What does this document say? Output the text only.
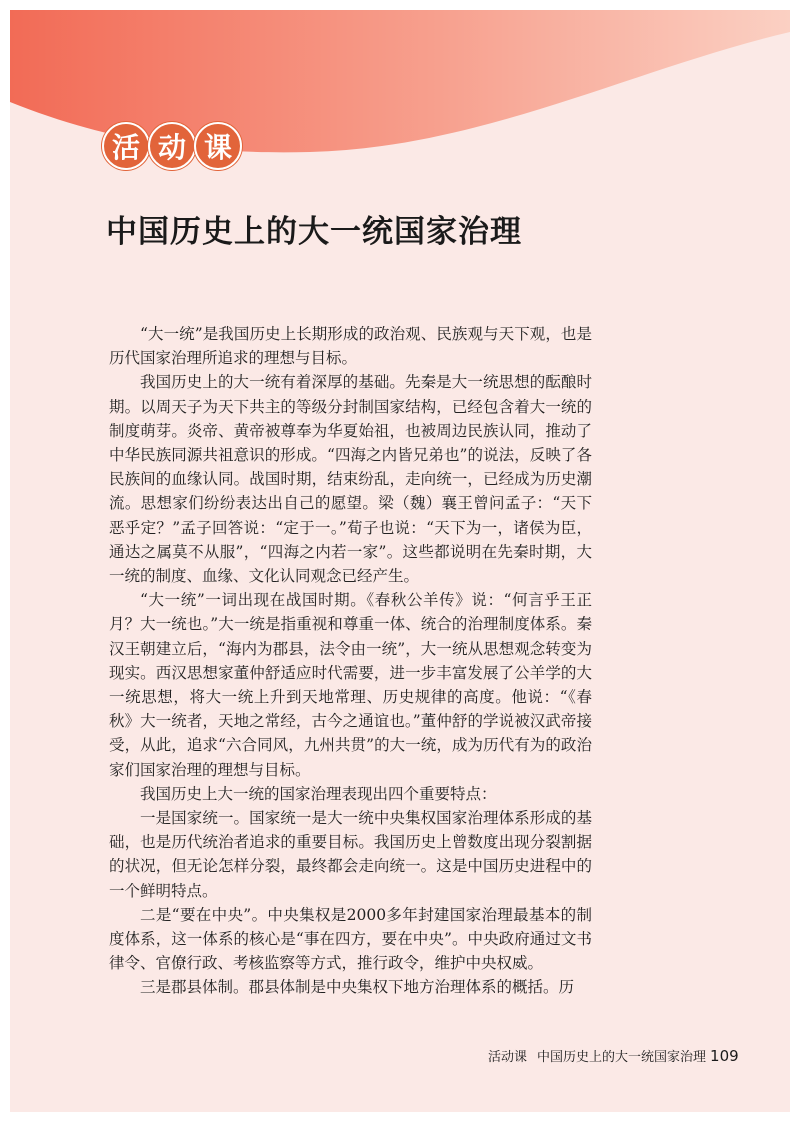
活 动 课
中国历史上的大一统国家治理

“大一统”是我国历史上长期形成的政治观、民族观与天下观，也是历代国家治理所追求的理想与目标。

我国历史上的大一统有着深厚的基础。先秦是大一统思想的酝酿时期。以周天子为天下共主的等级分封制国家结构，已经包含着大一统的制度萌芽。炎帝、黄帝被尊奉为华夏始祖，也被周边民族认同，推动了中华民族同源共祖意识的形成。“四海之内皆兄弟也”的说法，反映了各民族间的血缘认同。战国时期，结束纷乱，走向统一，已经成为历史潮流。思想家们纷纷表达出自己的愿望。梁（魏）襄王曾问孟子：“天下恶乎定？”孟子回答说：“定于一。”荀子也说：“天下为一，诸侯为臣，通达之属莫不从服”，“四海之内若一家”。这些都说明在先秦时期，大一统的制度、血缘、文化认同观念已经产生。

“大一统”一词出现在战国时期。《春秋公羊传》说：“何言乎王正月？大一统也。”大一统是指重视和尊重一体、统合的治理制度体系。秦汉王朝建立后，“海内为郡县，法令由一统”，大一统从思想观念转变为现实。西汉思想家董仲舒适应时代需要，进一步丰富发展了公羊学的大一统思想，将大一统上升到天地常理、历史规律的高度。他说：“《春秋》大一统者，天地之常经，古今之通谊也。”董仲舒的学说被汉武帝接受，从此，追求“六合同风，九州共贯”的大一统，成为历代有为的政治家们国家治理的理想与目标。

我国历史上大一统的国家治理表现出四个重要特点：

一是国家统一。国家统一是大一统中央集权国家治理体系形成的基础，也是历代统治者追求的重要目标。我国历史上曾数度出现分裂割据的状况，但无论怎样分裂，最终都会走向统一。这是中国历史进程中的一个鲜明特点。

二是“要在中央”。中央集权是2000多年封建国家治理最基本的制度体系，这一体系的核心是“事在四方，要在中央”。中央政府通过文书律令、官僚行政、考核监察等方式，推行政令，维护中央权威。

三是郡县体制。郡县体制是中央集权下地方治理体系的概括。历

活动课 中国历史上的大一统国家治理 109
